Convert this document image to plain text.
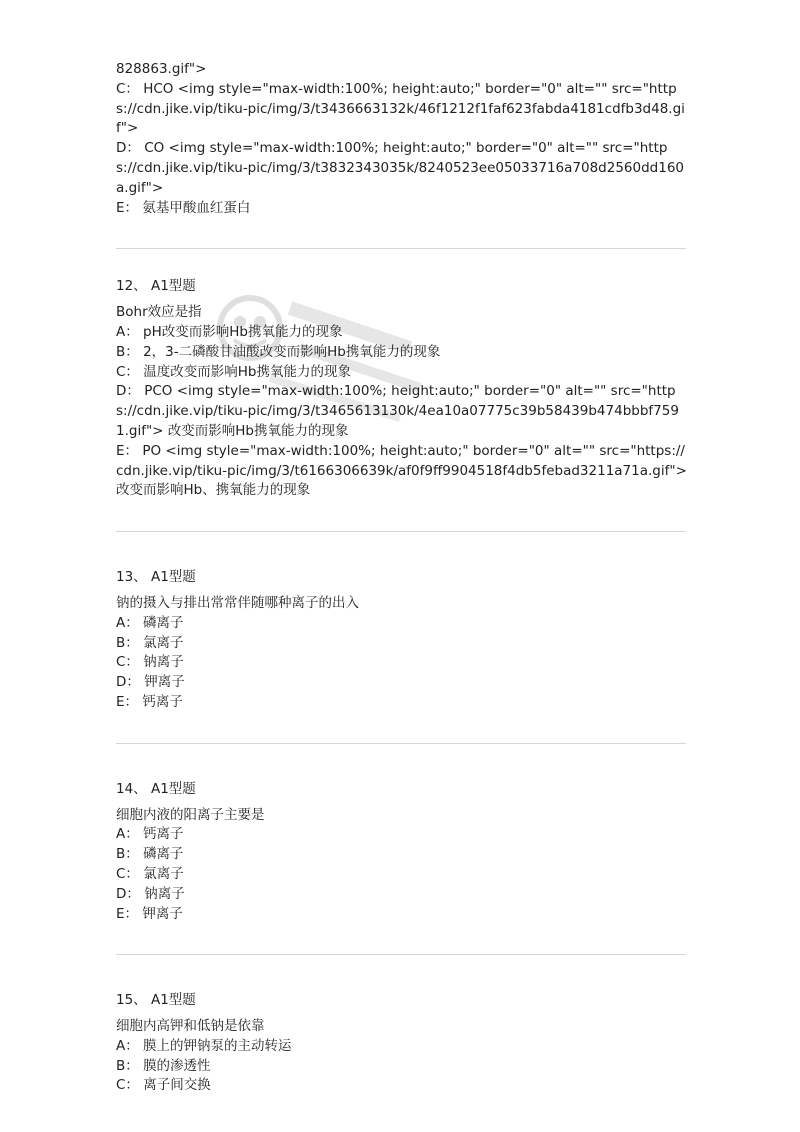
828863.gif">
C： HCO <img style="max-width:100%; height:auto;" border="0" alt="" src="https://cdn.jike.vip/tiku-pic/img/3/t3436663132k/46f1212f1faf623fabda4181cdfb3d48.gif">
D： CO <img style="max-width:100%; height:auto;" border="0" alt="" src="https://cdn.jike.vip/tiku-pic/img/3/t3832343035k/8240523ee05033716a708d2560dd160a.gif">
E： 氨基甲酸血红蛋白
12、 A1型题
Bohr效应是指
A： pH改变而影响Hb携氧能力的现象
B： 2，3-二磷酸甘油酸改变而影响Hb携氧能力的现象
C： 温度改变而影响Hb携氧能力的现象
D： PCO <img style="max-width:100%; height:auto;" border="0" alt="" src="https://cdn.jike.vip/tiku-pic/img/3/t3465613130k/4ea10a07775c39b58439b474bbbf7591.gif"> 改变而影响Hb携氧能力的现象
E： PO <img style="max-width:100%; height:auto;" border="0" alt="" src="https://cdn.jike.vip/tiku-pic/img/3/t6166306639k/af0f9ff9904518f4db5febad3211a71a.gif"> 改变而影响Hb、携氧能力的现象
13、 A1型题
钠的摄入与排出常常伴随哪种离子的出入
A： 磷离子
B： 氯离子
C： 钠离子
D： 钾离子
E： 钙离子
14、 A1型题
细胞内液的阳离子主要是
A： 钙离子
B： 磷离子
C： 氯离子
D： 钠离子
E： 钾离子
15、 A1型题
细胞内高钾和低钠是依靠
A： 膜上的钾钠泵的主动转运
B： 膜的渗透性
C： 离子间交换
